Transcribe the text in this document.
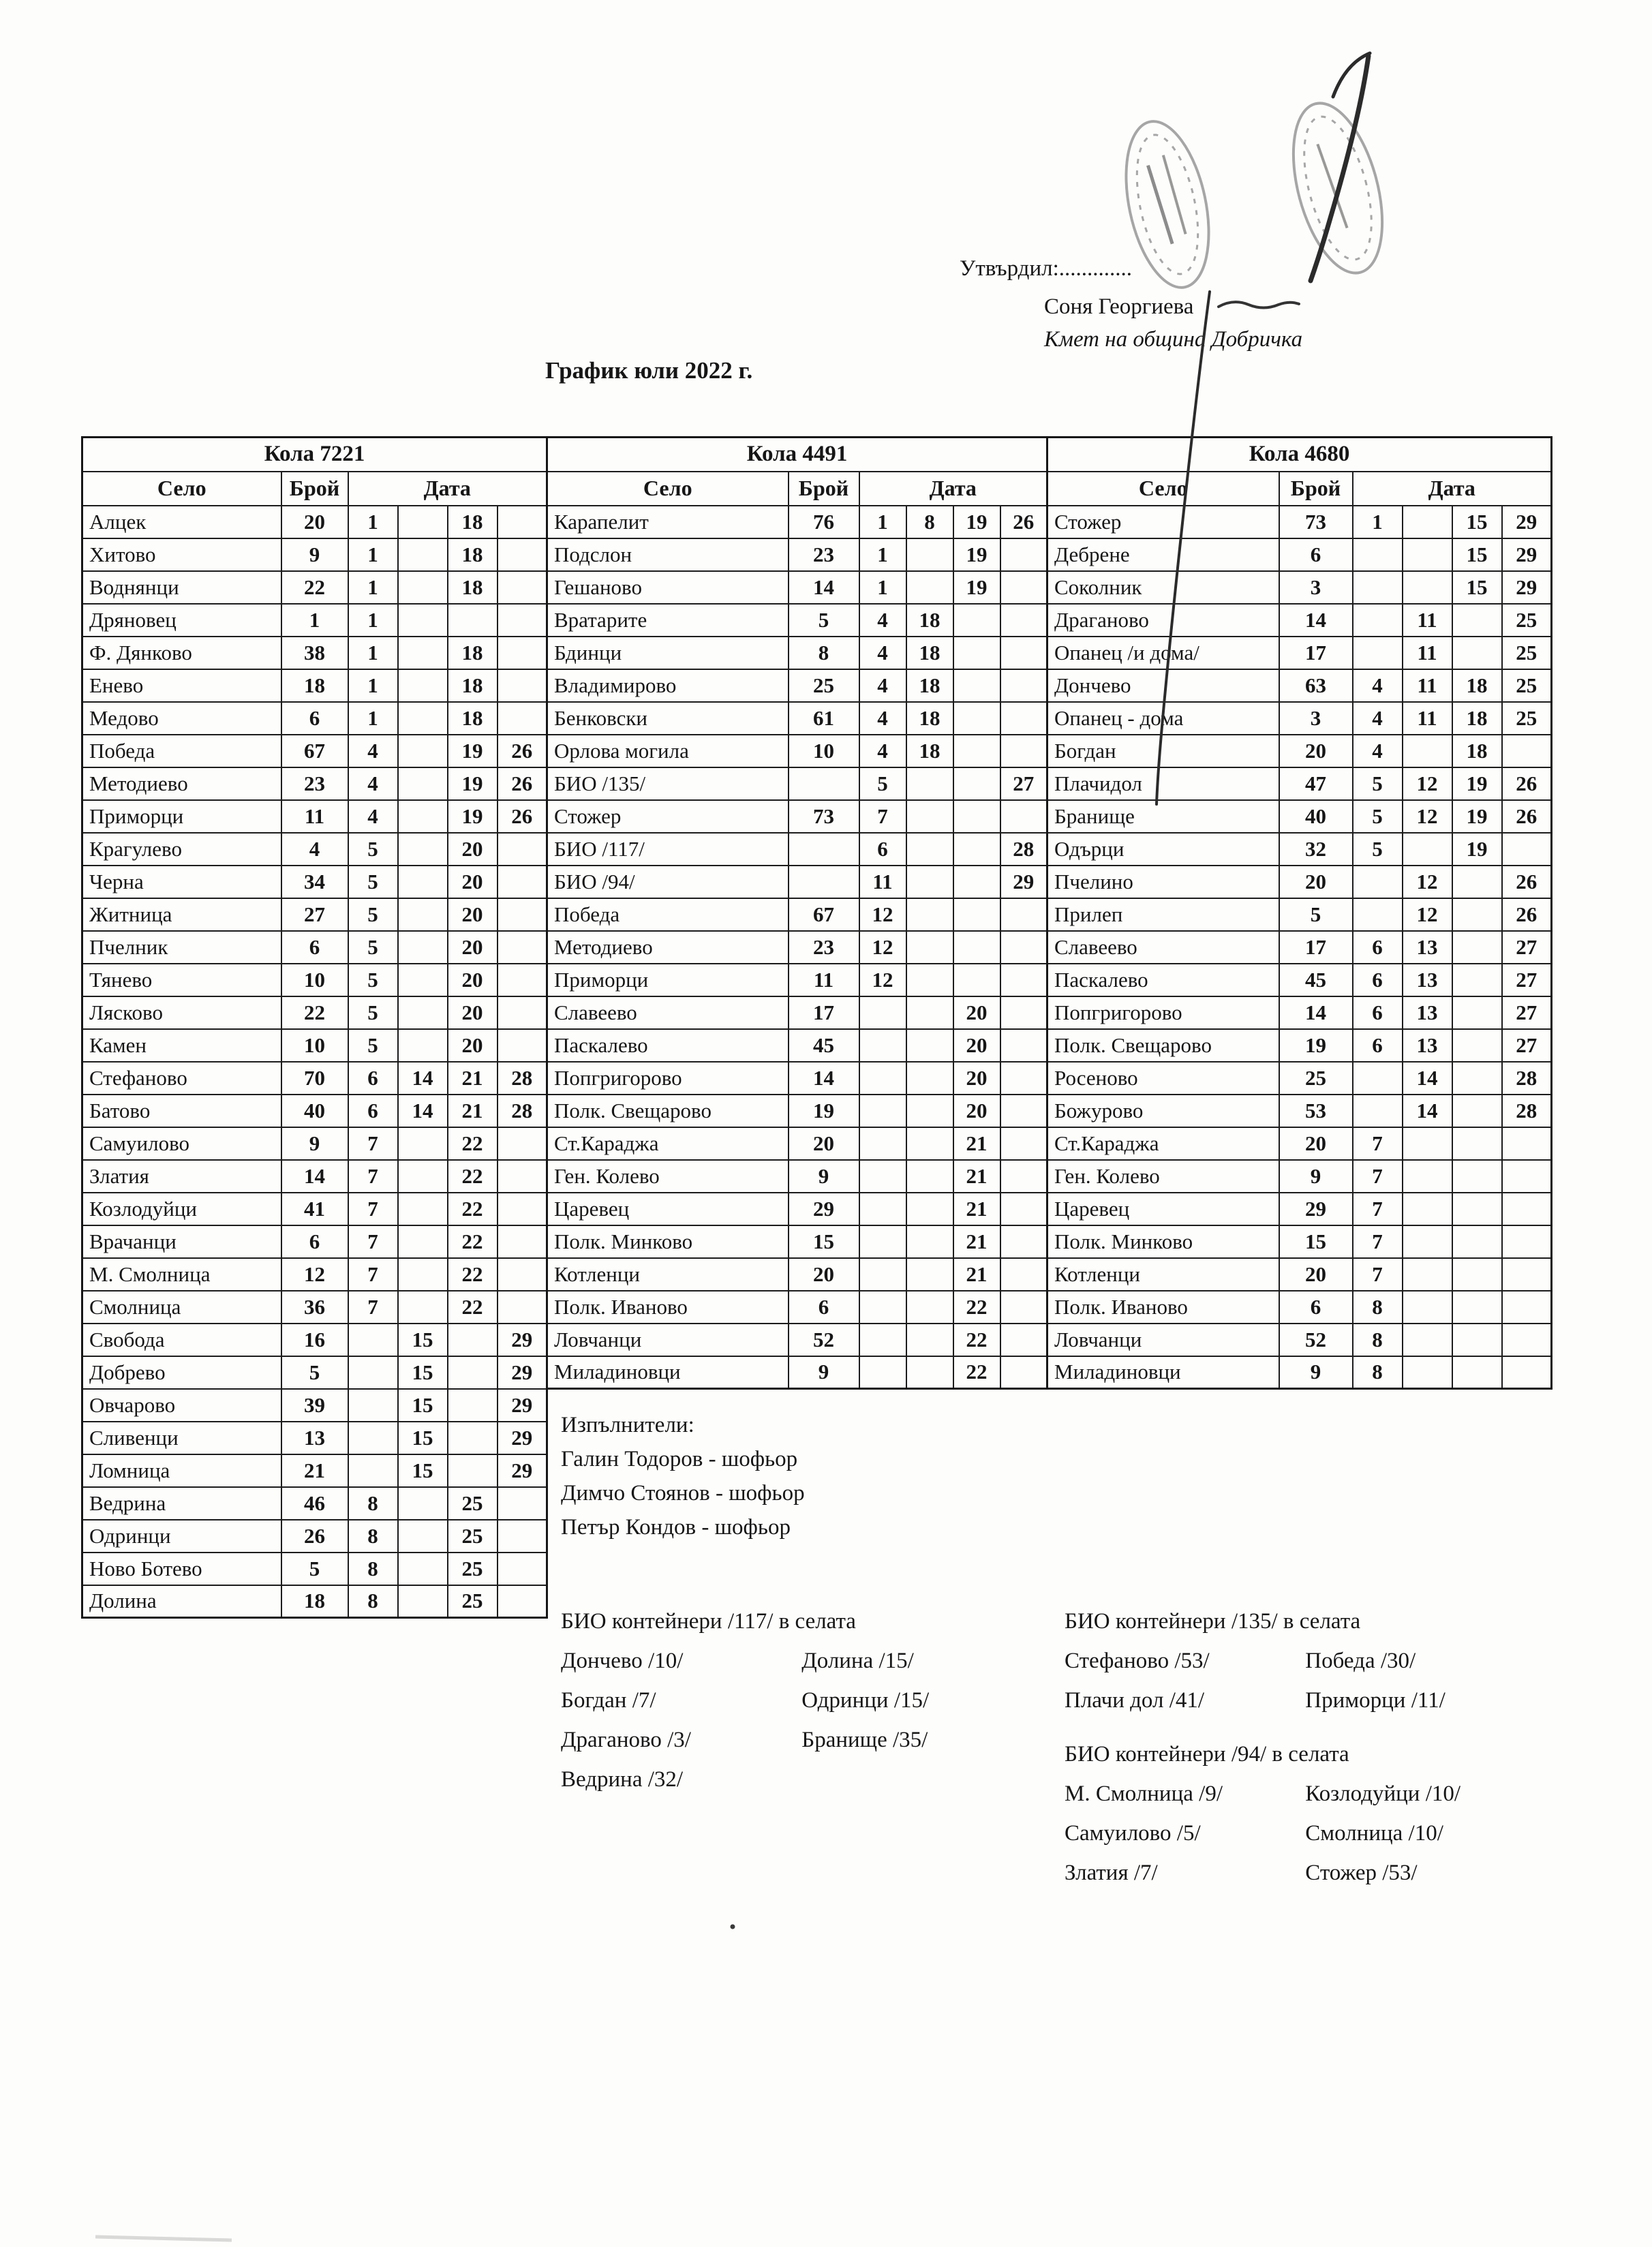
Утвърдил:.............
Соня Георгиева
Кмет на община Добричка
График юли 2022 г.
Кола 7221					
Село	Брой	Дата			
Алцек	20	1		18	
Хитово	9	1		18	
Воднянци	22	1		18	
Дряновец	1	1			
Ф. Дянково	38	1		18	
Енево	18	1		18	
Медово	6	1		18	
Победа	67	4		19	26
Методиево	23	4		19	26
Приморци	11	4		19	26
Крагулево	4	5		20	
Черна	34	5		20	
Житница	27	5		20	
Пчелник	6	5		20	
Тянево	10	5		20	
Лясково	22	5		20	
Камен	10	5		20	
Стефаново	70	6	14	21	28
Батово	40	6	14	21	28
Самуилово	9	7		22	
Златия	14	7		22	
Козлодуйци	41	7		22	
Врачанци	6	7		22	
М. Смолница	12	7		22	
Смолница	36	7		22	
Свобода	16		15		29
Добрево	5		15		29
Овчарово	39		15		29
Сливенци	13		15		29
Ломница	21		15		29
Ведрина	46	8		25	
Одринци	26	8		25	
Ново Ботево	5	8		25	
Долина	18	8		25	
Кола 4491					
Село	Брой	Дата			
Карапелит	76	1	8	19	26
Подслон	23	1		19	
Гешаново	14	1		19	
Вратарите	5	4	18		
Бдинци	8	4	18		
Владимирово	25	4	18		
Бенковски	61	4	18		
Орлова могила	10	4	18		
БИО /135/		5			27
Стожер	73	7			
БИО /117/		6			28
БИО /94/		11			29
Победа	67	12			
Методиево	23	12			
Приморци	11	12			
Славеево	17			20	
Паскалево	45			20	
Попгригорово	14			20	
Полк. Свещарово	19			20	
Ст.Караджа	20			21	
Ген. Колево	9			21	
Царевец	29			21	
Полк. Минково	15			21	
Котленци	20			21	
Полк. Иваново	6			22	
Ловчанци	52			22	
Миладиновци	9			22	
Кола 4680					
Село	Брой	Дата			
Стожер	73	1		15	29
Дебрене	6			15	29
Соколник	3			15	29
Драганово	14		11		25
Опанец /и дома/	17		11		25
Дончево	63	4	11	18	25
Опанец - дома	3	4	11	18	25
Богдан	20	4		18	
Плачидол	47	5	12	19	26
Бранище	40	5	12	19	26
Одърци	32	5		19	
Пчелино	20		12		26
Прилеп	5		12		26
Славеево	17	6	13		27
Паскалево	45	6	13		27
Попгригорово	14	6	13		27
Полк. Свещарово	19	6	13		27
Росеново	25		14		28
Божурово	53		14		28
Ст.Караджа	20	7			
Ген. Колево	9	7			
Царевец	29	7			
Полк. Минково	15	7			
Котленци	20	7			
Полк. Иваново	6	8			
Ловчанци	52	8			
Миладиновци	9	8			
Изпълнители:
Галин Тодоров - шофьор
Димчо Стоянов - шофьор
Петър Кондов - шофьор
БИО контейнери /117/ в селата
Дончево /10/	Долина /15/
Богдан /7/	Одринци /15/
Драганово /3/	Бранище /35/
Ведрина /32/
БИО контейнери /135/ в селата
Стефаново /53/	Победа /30/
Плачи дол /41/	Приморци /11/
БИО контейнери /94/ в селата
М. Смолница /9/	Козлодуйци /10/
Самуилово /5/	Смолница /10/
Златия /7/	Стожер /53/
